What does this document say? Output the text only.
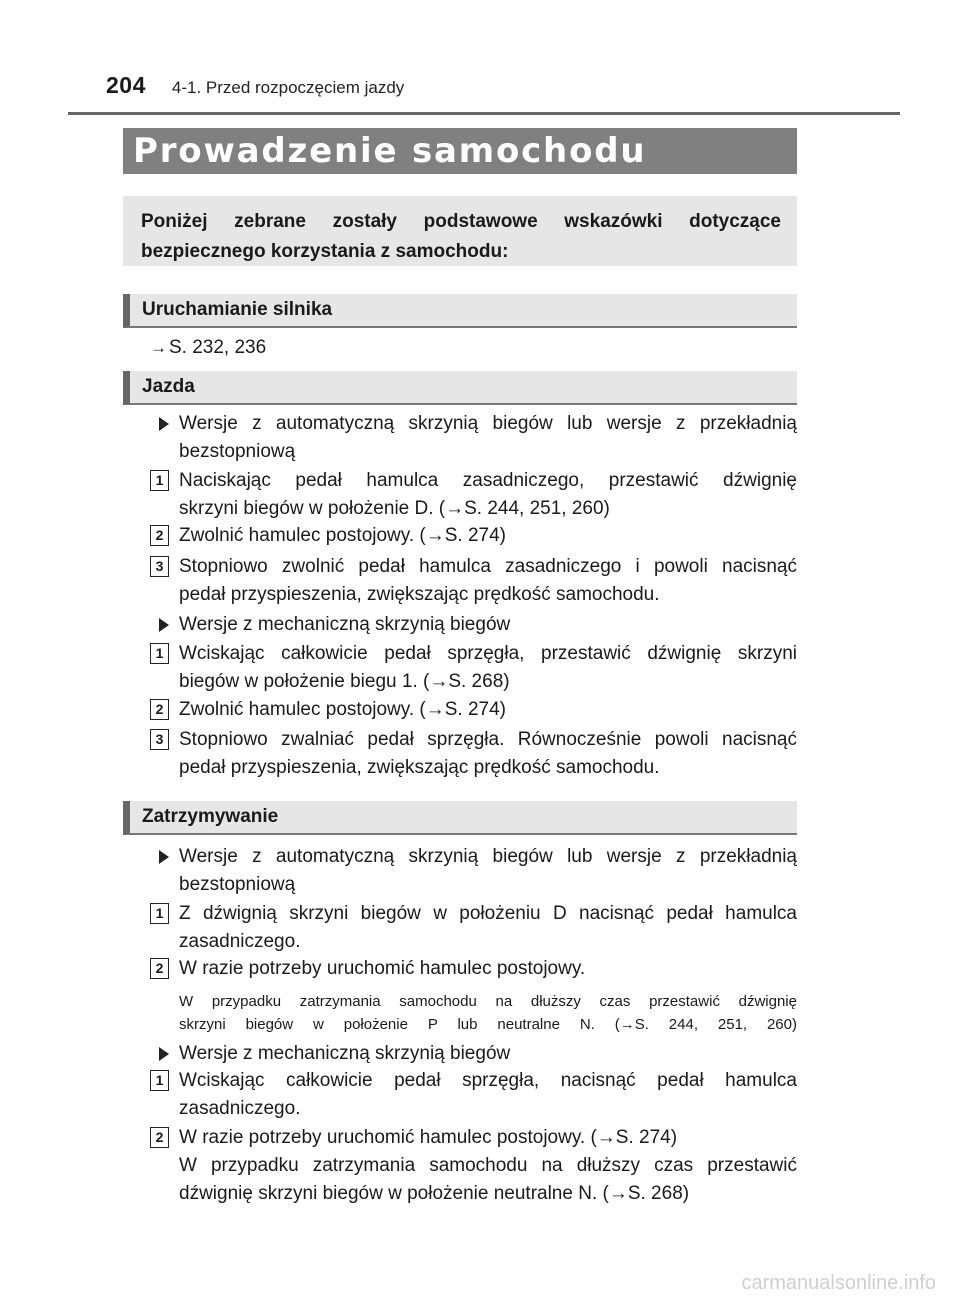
204 4-1. Przed rozpoczęciem jazdy
Prowadzenie samochodu
Poniżej zebrane zostały podstawowe wskazówki dotyczące
bezpiecznego korzystania z samochodu:
Uruchamianie silnika
→ S. 232, 236
Jazda
Wersje z automatyczną skrzynią biegów lub wersje z przekładnią
bezstopniową
1 Naciskając pedał hamulca zasadniczego, przestawić dźwignię
skrzyni biegów w położenie D. (→S. 244, 251, 260)
2 Zwolnić hamulec postojowy. (→S. 274)
3 Stopniowo zwolnić pedał hamulca zasadniczego i powoli nacisnąć
pedał przyspieszenia, zwiększając prędkość samochodu.
Wersje z mechaniczną skrzynią biegów
1 Wciskając całkowicie pedał sprzęgła, przestawić dźwignię skrzyni
biegów w położenie biegu 1. (→S. 268)
2 Zwolnić hamulec postojowy. (→S. 274)
3 Stopniowo zwalniać pedał sprzęgła. Równocześnie powoli nacisnąć
pedał przyspieszenia, zwiększając prędkość samochodu.
Zatrzymywanie
Wersje z automatyczną skrzynią biegów lub wersje z przekładnią
bezstopniową
1 Z dźwignią skrzyni biegów w położeniu D nacisnąć pedał hamulca
zasadniczego.
2 W razie potrzeby uruchomić hamulec postojowy.
W przypadku zatrzymania samochodu na dłuższy czas przestawić dźwignię
skrzyni biegów w położenie P lub neutralne N. (→S. 244, 251, 260)
Wersje z mechaniczną skrzynią biegów
1 Wciskając całkowicie pedał sprzęgła, nacisnąć pedał hamulca
zasadniczego.
2 W razie potrzeby uruchomić hamulec postojowy. (→S. 274)
W przypadku zatrzymania samochodu na dłuższy czas przestawić
dźwignię skrzyni biegów w położenie neutralne N. (→S. 268)
carmanualsonline.info
